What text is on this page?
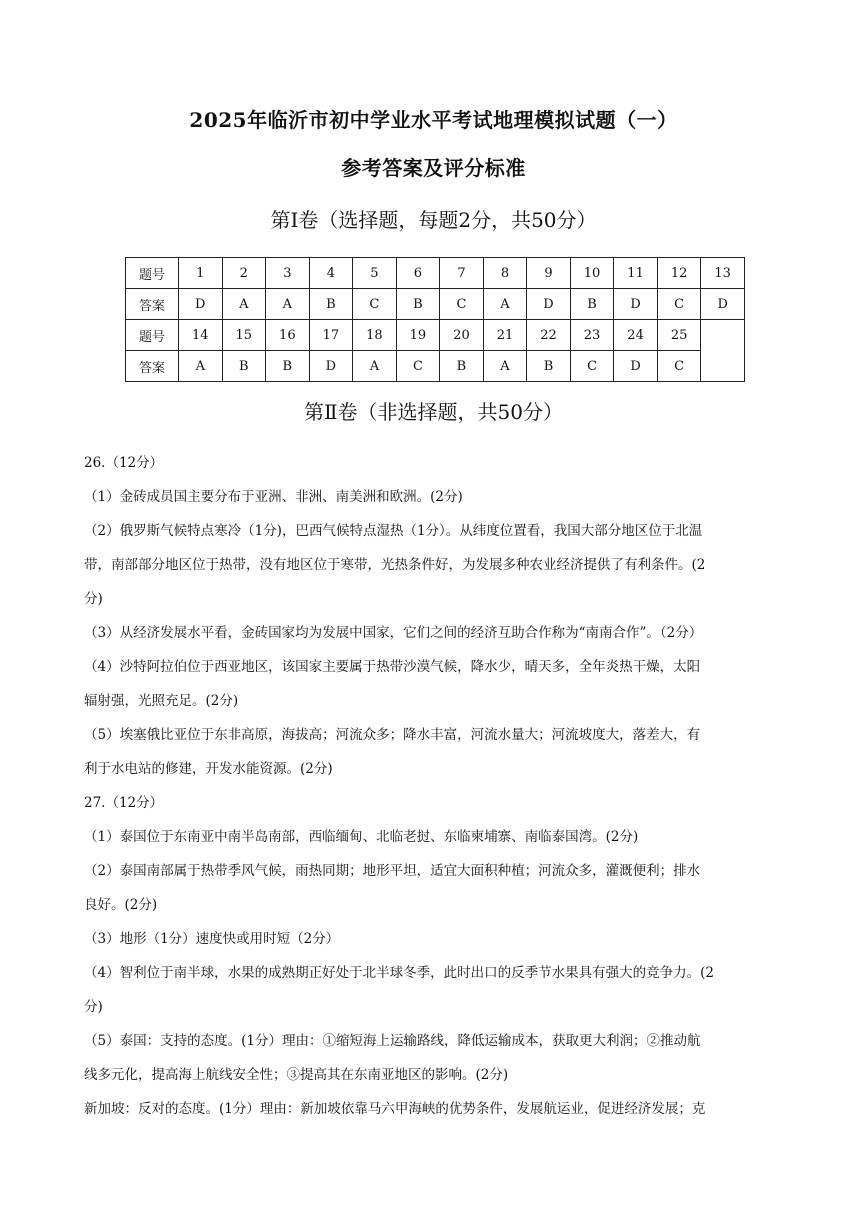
2025年临沂市初中学业水平考试地理模拟试题（一）
参考答案及评分标准
第Ⅰ卷（选择题，每题2分，共50分）
题号	1	2	3	4	5	6	7	8	9	10	11	12	13
答案	D	A	A	B	C	B	C	A	D	B	D	C	D
题号	14	15	16	17	18	19	20	21	22	23	24	25	
答案	A	B	B	D	A	C	B	A	B	C	D	C	
第Ⅱ卷（非选择题，共50分）
26.（12分）
（1）金砖成员国主要分布于亚洲、非洲、南美洲和欧洲。(2分)
（2）俄罗斯气候特点寒冷（1分)，巴西气候特点湿热（1分）。从纬度位置看，我国大部分地区位于北温
带，南部部分地区位于热带，没有地区位于寒带，光热条件好，为发展多种农业经济提供了有利条件。(2
分)
（3）从经济发展水平看，金砖国家均为发展中国家，它们之间的经济互助合作称为“南南合作”。（2分）
（4）沙特阿拉伯位于西亚地区，该国家主要属于热带沙漠气候，降水少，晴天多，全年炎热干燥，太阳
辐射强，光照充足。(2分)
（5）埃塞俄比亚位于东非高原，海拔高；河流众多；降水丰富，河流水量大；河流坡度大，落差大，有
利于水电站的修建，开发水能资源。(2分)
27.（12分）
（1）泰国位于东南亚中南半岛南部，西临缅甸、北临老挝、东临柬埔寨、南临泰国湾。(2分)
（2）泰国南部属于热带季风气候，雨热同期；地形平坦，适宜大面积种植；河流众多，灌溉便利；排水
良好。(2分)
（3）地形（1分）速度快或用时短（2分）
（4）智利位于南半球，水果的成熟期正好处于北半球冬季，此时出口的反季节水果具有强大的竞争力。(2
分)
（5）泰国：支持的态度。(1分）理由：①缩短海上运输路线，降低运输成本，获取更大利润；②推动航
线多元化，提高海上航线安全性；③提高其在东南亚地区的影响。(2分)
新加坡：反对的态度。(1分）理由：新加坡依靠马六甲海峡的优势条件，发展航运业，促进经济发展；克
